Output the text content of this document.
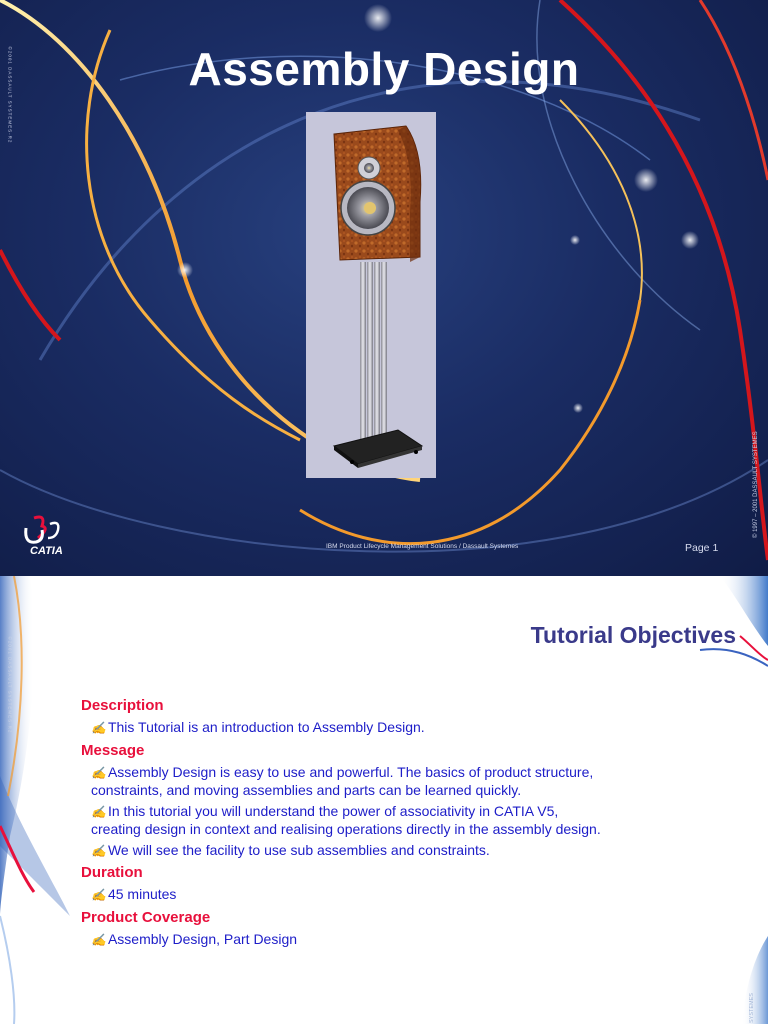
Assembly Design
©2001 DASSAULT SYSTEMES-R2
© 1997 – 2001 DASSAULT SYSTEMES
CATIA	IBM Product Lifecycle Management Solutions / Dassault Systemes	Page 1
Tutorial Objectives
©2001 DASSAULT SYSTEMES-R2
SYSTEMES
Description
✍ This Tutorial is an introduction to Assembly Design.
Message
✍ Assembly Design is easy to use and powerful. The basics of product structure, constraints, and moving assemblies and parts can be learned quickly.
✍ In this tutorial you will understand the power of associativity in CATIA V5, creating design in context and realising operations directly in the assembly design.
✍ We will see the facility to use sub assemblies and constraints.
Duration
✍ 45 minutes
Product Coverage
✍ Assembly Design, Part Design
